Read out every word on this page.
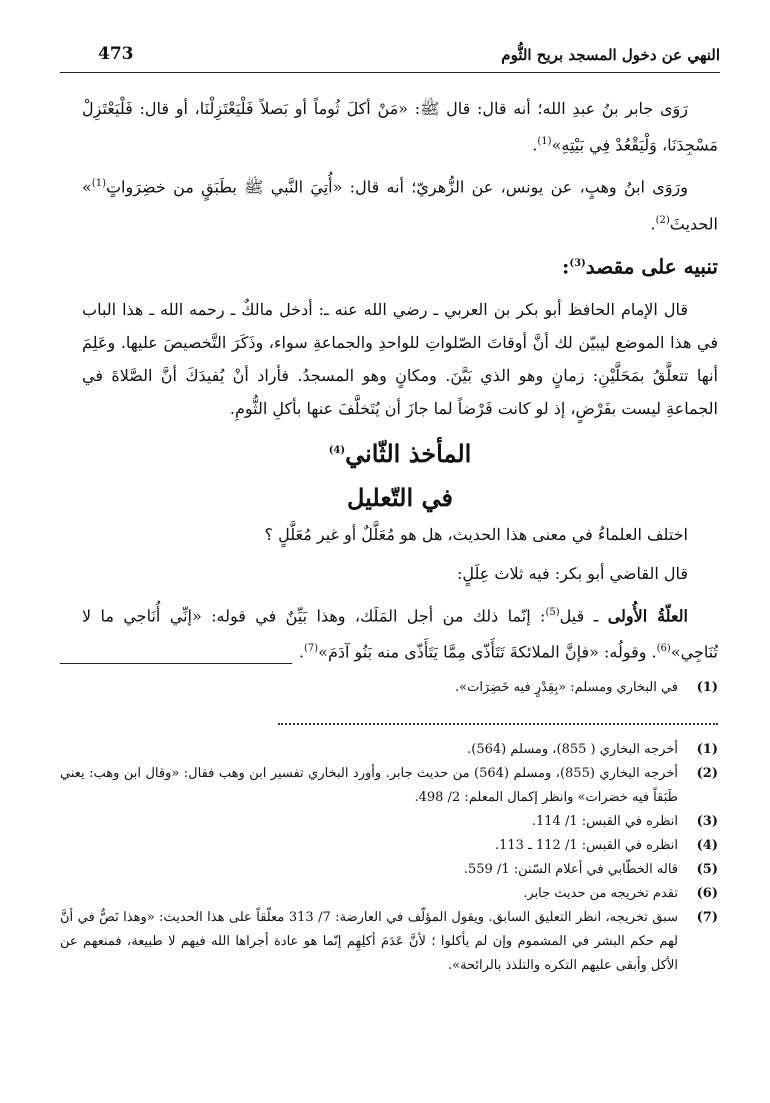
473	النهي عن دخول المسجد بريح الثُّوم

رَوَى جابر بنُ عبدِ الله؛ أنه قال: قال ﷺ: «مَنْ أكلَ ثُوماً أو بَصلاً فَلْيَعْتَزِلْنَا، أو قال: فَلْيَعْتَزِلْ مَسْجِدَنَا، وَلْيَقْعُدْ فِي بَيْتِهِ»$^{(1)}$.

ورَوَى ابنُ وهبٍ، عن يونس، عن الزُّهريّ؛ أنه قال: «أُتِيَ النَّبي ﷺ بطَبَقٍ من خضِرَواتٍ$^{(1)}$» الحديثَ$^{(2)}$.

تنبيه على مقصد$^{(3)}$:

قال الإمام الحافظ أبو بكر بن العربي ـ رضي الله عنه ـ: أدخل مالكٌ ـ رحمه الله ـ هذا الباب في هذا الموضع ليبيّن لك أنَّ أوقاتَ الصّلواتِ للواحدِ والجماعةِ سواء، وذَكَرَ التَّخصيصَ عليها. وعَلِمَ أنها تتعلَّقُ بمَحَلَّيْنِ: زمانٍ وهو الذي بَيَّنَ. ومكانٍ وهو المسجدُ. فأراد أنْ يُفيدَكَ أنَّ الصَّلاةَ في الجماعةِ ليست بفَرْضٍ، إذ لو كانت فَرْضاً لما جازَ أن يُتَخلَّفَ عنها بأكلِ الثُّومِ.

المأخذ الثّاني$^{(4)}$
في التّعليل

اختلف العلماءُ في معنى هذا الحديث، هل هو مُعَلَّلٌ أو غير مُعَلَّلٍ ؟

قال القاضي أبو بكر: فيه ثلاث عِلَلٍ:

العلّةُ الأُولى ـ قيل$^{(5)}$: إنّما ذلك من أجل المَلَك، وهذا بَيِّنٌ في قوله: «إنِّي أُنَاجي ما لا تُنَاجِي»$^{(6)}$. وقولُه: «فإنَّ الملائكةَ تَتَأَذّى مِمَّا يَتَأَذّى منه بَنُو آدَمَ»$^{(7)}$.

(1)
في البخاري ومسلم: «بِقِدْرٍ فيه خَضِرَات».
(1)
أخرجه البخاري ( 855)، ومسلم (564).
(2)
أخرجه البخاري (855)، ومسلم (564) من حديث جابر. وأورد البخاري تفسير ابن وهب فقال: «وقال ابن وهب: يعني طَبَقاً فيه خضرات» وانظر إكمال المعلم: 2/ 498.
(3)
انظره في القبس: 1/ 114.
(4)
انظره في القبس: 1/ 112 ـ 113.
(5)
قاله الخطّابي في أعلام السّنن: 1/ 559.
(6)
تقدم تخريجه من حديث جابر.
(7)
سبق تخريجه، انظر التعليق السابق. ويقول المؤلّف في العارضة: 7/ 313 معلّقاً على هذا الحديث: «وهذا نَصٌّ في أنَّ لهم حكم البشر في المشموم وإن لم يأكلوا ؛ لأنَّ عَدَمَ أكلِهِم إنّما هو عادة أجراها الله فيهم لا طبيعة، فمنعهم عن الأكل وأبقى عليهم التكره والتلذذ بالرائحة».
